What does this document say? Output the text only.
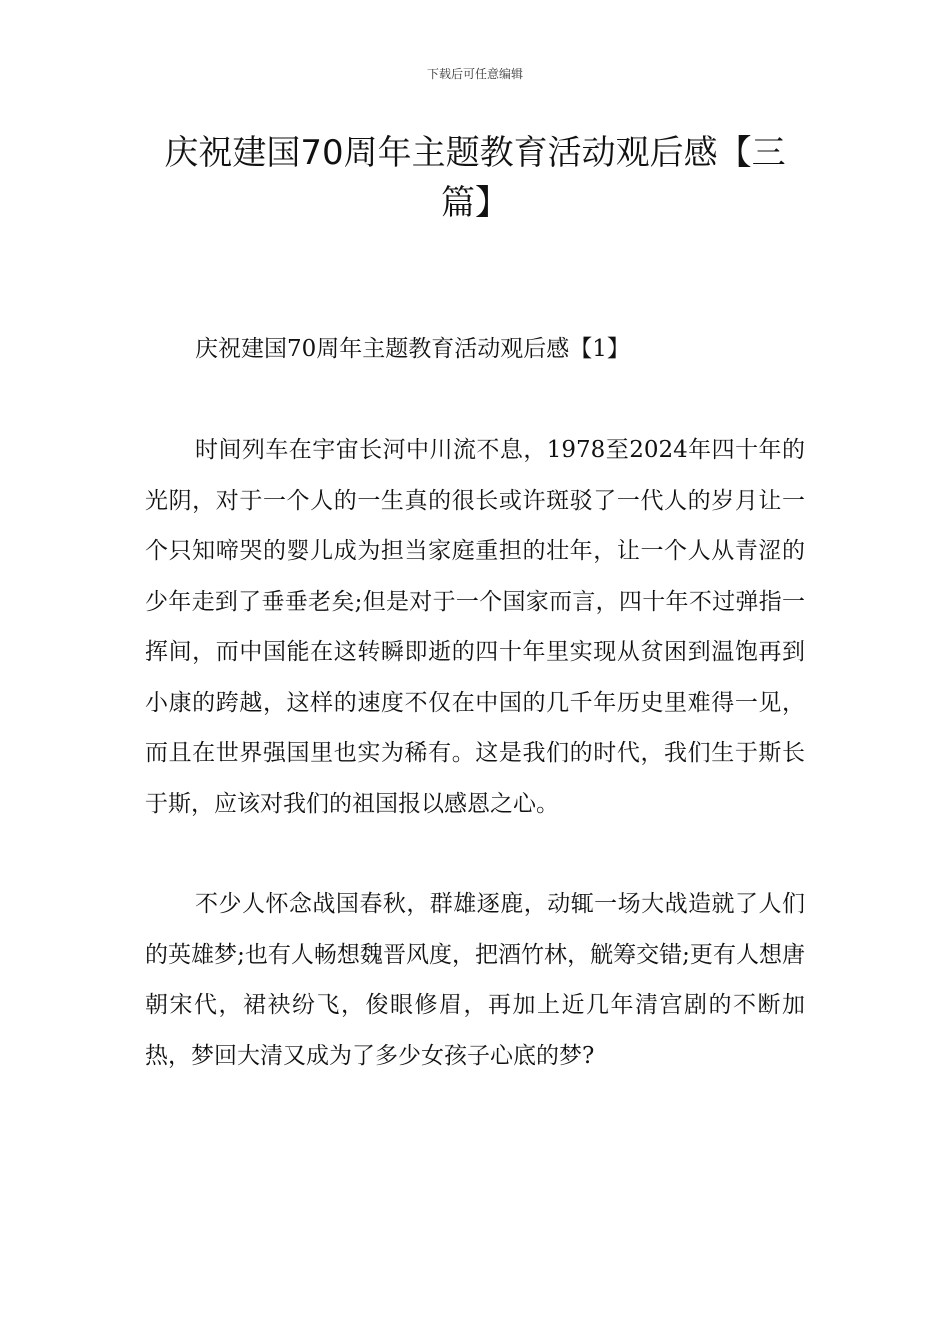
下载后可任意编辑
庆祝建国70周年主题教育活动观后感【三
篇】

庆祝建国70周年主题教育活动观后感【1】

时间列车在宇宙长河中川流不息，1978至2024年四十年的光阴，对于一个人的一生真的很长或许斑驳了一代人的岁月让一个只知啼哭的婴儿成为担当家庭重担的壮年，让一个人从青涩的少年走到了垂垂老矣;但是对于一个国家而言，四十年不过弹指一挥间，而中国能在这转瞬即逝的四十年里实现从贫困到温饱再到小康的跨越，这样的速度不仅在中国的几千年历史里难得一见，而且在世界强国里也实为稀有。这是我们的时代，我们生于斯长于斯，应该对我们的祖国报以感恩之心。

不少人怀念战国春秋，群雄逐鹿，动辄一场大战造就了人们的英雄梦;也有人畅想魏晋风度，把酒竹林，觥筹交错;更有人想唐朝宋代，裙袂纷飞，俊眼修眉，再加上近几年清宫剧的不断加热，梦回大清又成为了多少女孩子心底的梦?
